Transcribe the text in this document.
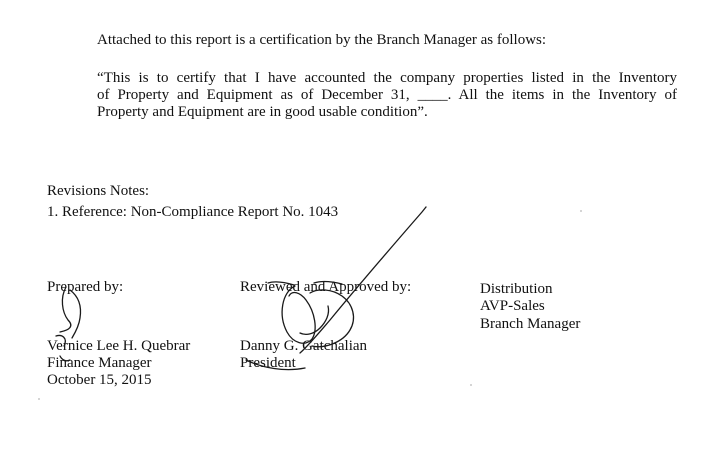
Attached to this report is a certification by the Branch Manager as follows:
“This is to certify that I have accounted the company properties listed in the Inventory
of Property and Equipment as of December 31, ____. All the items in the Inventory of
Property and Equipment are in good usable condition”.
Revisions Notes:
1. Reference: Non-Compliance Report No. 1043
Prepared by:
Vernice Lee H. Quebrar
Finance Manager
October 15, 2015
Reviewed and Approved by:
Danny G. Gatchalian
President
Distribution
AVP-Sales
Branch Manager
